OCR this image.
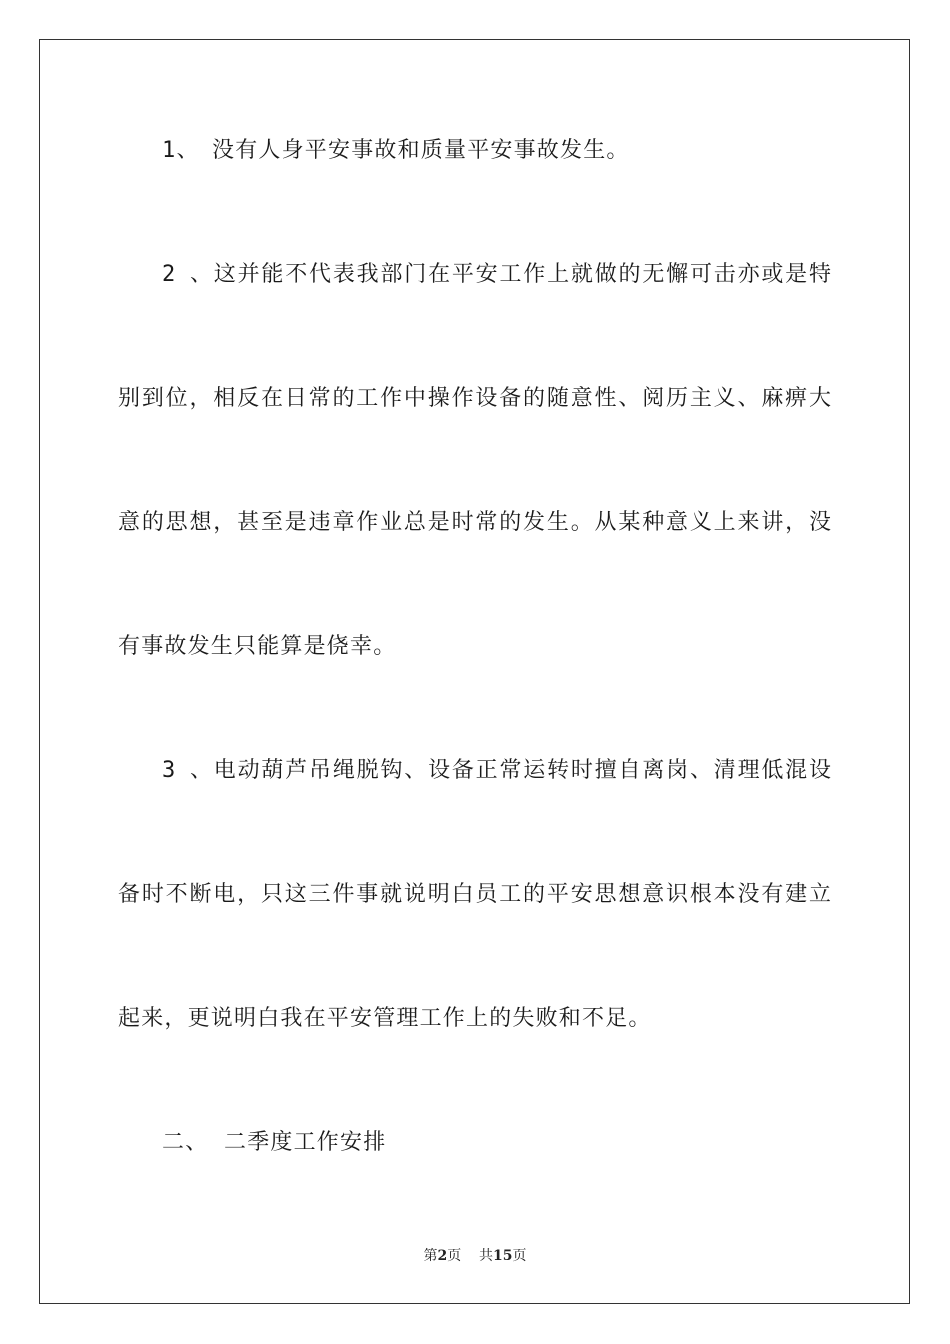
1、 没有人身平安事故和质量平安事故发生。
2、这并能不代表我部门在平安工作上就做的无懈可击亦或是特
别到位，相反在日常的工作中操作设备的随意性、阅历主义、麻痹大
意的思想，甚至是违章作业总是时常的发生。从某种意义上来讲，没
有事故发生只能算是侥幸。
3、电动葫芦吊绳脱钩、设备正常运转时擅自离岗、清理低混设
备时不断电，只这三件事就说明白员工的平安思想意识根本没有建立
起来，更说明白我在平安管理工作上的失败和不足。
二、 二季度工作安排
第2页 共15页
